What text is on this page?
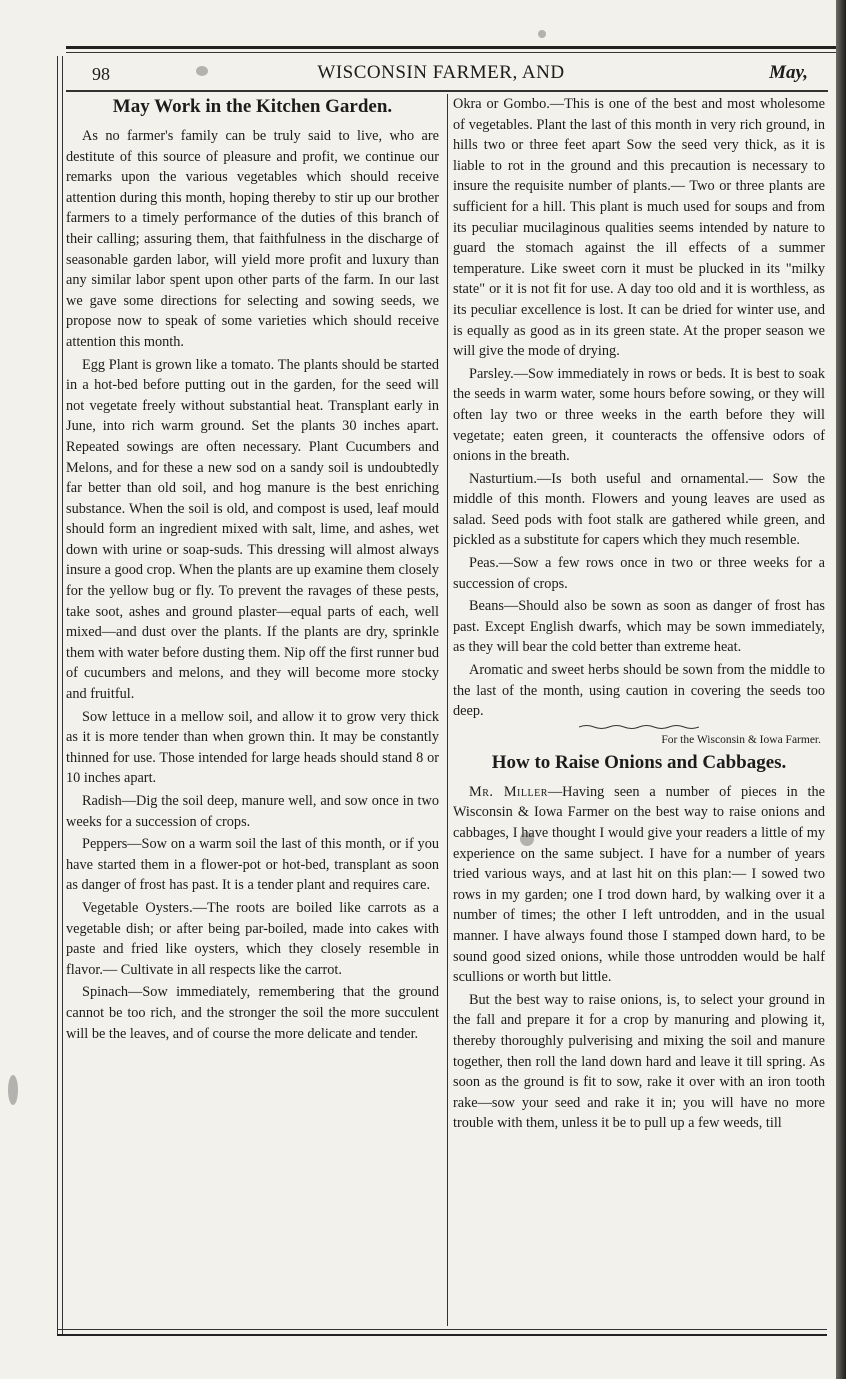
98	WISCONSIN FARMER, AND	May,
May Work in the Kitchen Garden.

As no farmer's family can be truly said to live, who are destitute of this source of pleasure and profit, we continue our remarks upon the various vegetables which should receive attention during this month, hoping thereby to stir up our brother farmers to a timely performance of the duties of this branch of their calling; assuring them, that faithfulness in the discharge of seasonable garden labor, will yield more profit and luxury than any similar labor spent upon other parts of the farm. In our last we gave some directions for selecting and sowing seeds, we propose now to speak of some varieties which should receive attention this month.

Egg Plant is grown like a tomato. The plants should be started in a hot-bed before putting out in the garden, for the seed will not vegetate freely without substantial heat. Transplant early in June, into rich warm ground. Set the plants 30 inches apart. Repeated sowings are often necessary. Plant Cucumbers and Melons, and for these a new sod on a sandy soil is undoubtedly far better than old soil, and hog manure is the best enriching substance. When the soil is old, and compost is used, leaf mould should form an ingredient mixed with salt, lime, and ashes, wet down with urine or soap-suds. This dressing will almost always insure a good crop. When the plants are up examine them closely for the yellow bug or fly. To prevent the ravages of these pests, take soot, ashes and ground plaster—equal parts of each, well mixed—and dust over the plants. If the plants are dry, sprinkle them with water before dusting them. Nip off the first runner bud of cucumbers and melons, and they will become more stocky and fruitful.

Sow lettuce in a mellow soil, and allow it to grow very thick as it is more tender than when grown thin. It may be constantly thinned for use. Those intended for large heads should stand 8 or 10 inches apart.

Radish—Dig the soil deep, manure well, and sow once in two weeks for a succession of crops.

Peppers—Sow on a warm soil the last of this month, or if you have started them in a flower-pot or hot-bed, transplant as soon as danger of frost has past. It is a tender plant and requires care.

Vegetable Oysters.—The roots are boiled like carrots as a vegetable dish; or after being par-boiled, made into cakes with paste and fried like oysters, which they closely resemble in flavor.— Cultivate in all respects like the carrot.

Spinach—Sow immediately, remembering that the ground cannot be too rich, and the stronger the soil the more succulent will be the leaves, and of course the more delicate and tender.

Okra or Gombo.—This is one of the best and most wholesome of vegetables. Plant the last of this month in very rich ground, in hills two or three feet apart Sow the seed very thick, as it is liable to rot in the ground and this precaution is necessary to insure the requisite number of plants.— Two or three plants are sufficient for a hill. This plant is much used for soups and from its peculiar mucilaginous qualities seems intended by nature to guard the stomach against the ill effects of a summer temperature. Like sweet corn it must be plucked in its "milky state" or it is not fit for use. A day too old and it is worthless, as its peculiar excellence is lost. It can be dried for winter use, and is equally as good as in its green state. At the proper season we will give the mode of drying.

Parsley.—Sow immediately in rows or beds. It is best to soak the seeds in warm water, some hours before sowing, or they will often lay two or three weeks in the earth before they will vegetate; eaten green, it counteracts the offensive odors of onions in the breath.

Nasturtium.—Is both useful and ornamental.— Sow the middle of this month. Flowers and young leaves are used as salad. Seed pods with foot stalk are gathered while green, and pickled as a substitute for capers which they much resemble.

Peas.—Sow a few rows once in two or three weeks for a succession of crops.

Beans—Should also be sown as soon as danger of frost has past. Except English dwarfs, which may be sown immediately, as they will bear the cold better than extreme heat.

Aromatic and sweet herbs should be sown from the middle to the last of the month, using caution in covering the seeds too deep.

For the Wisconsin & Iowa Farmer.
How to Raise Onions and Cabbages.

Mr. Miller—Having seen a number of pieces in the Wisconsin & Iowa Farmer on the best way to raise onions and cabbages, I have thought I would give your readers a little of my experience on the same subject. I have for a number of years tried various ways, and at last hit on this plan:— I sowed two rows in my garden; one I trod down hard, by walking over it a number of times; the other I left untrodden, and in the usual manner. I have always found those I stamped down hard, to be sound good sized onions, while those untrodden would be half scullions or worth but little.

But the best way to raise onions, is, to select your ground in the fall and prepare it for a crop by manuring and plowing it, thereby thoroughly pulverising and mixing the soil and manure together, then roll the land down hard and leave it till spring. As soon as the ground is fit to sow, rake it over with an iron tooth rake—sow your seed and rake it in; you will have no more trouble with them, unless it be to pull up a few weeds, till
